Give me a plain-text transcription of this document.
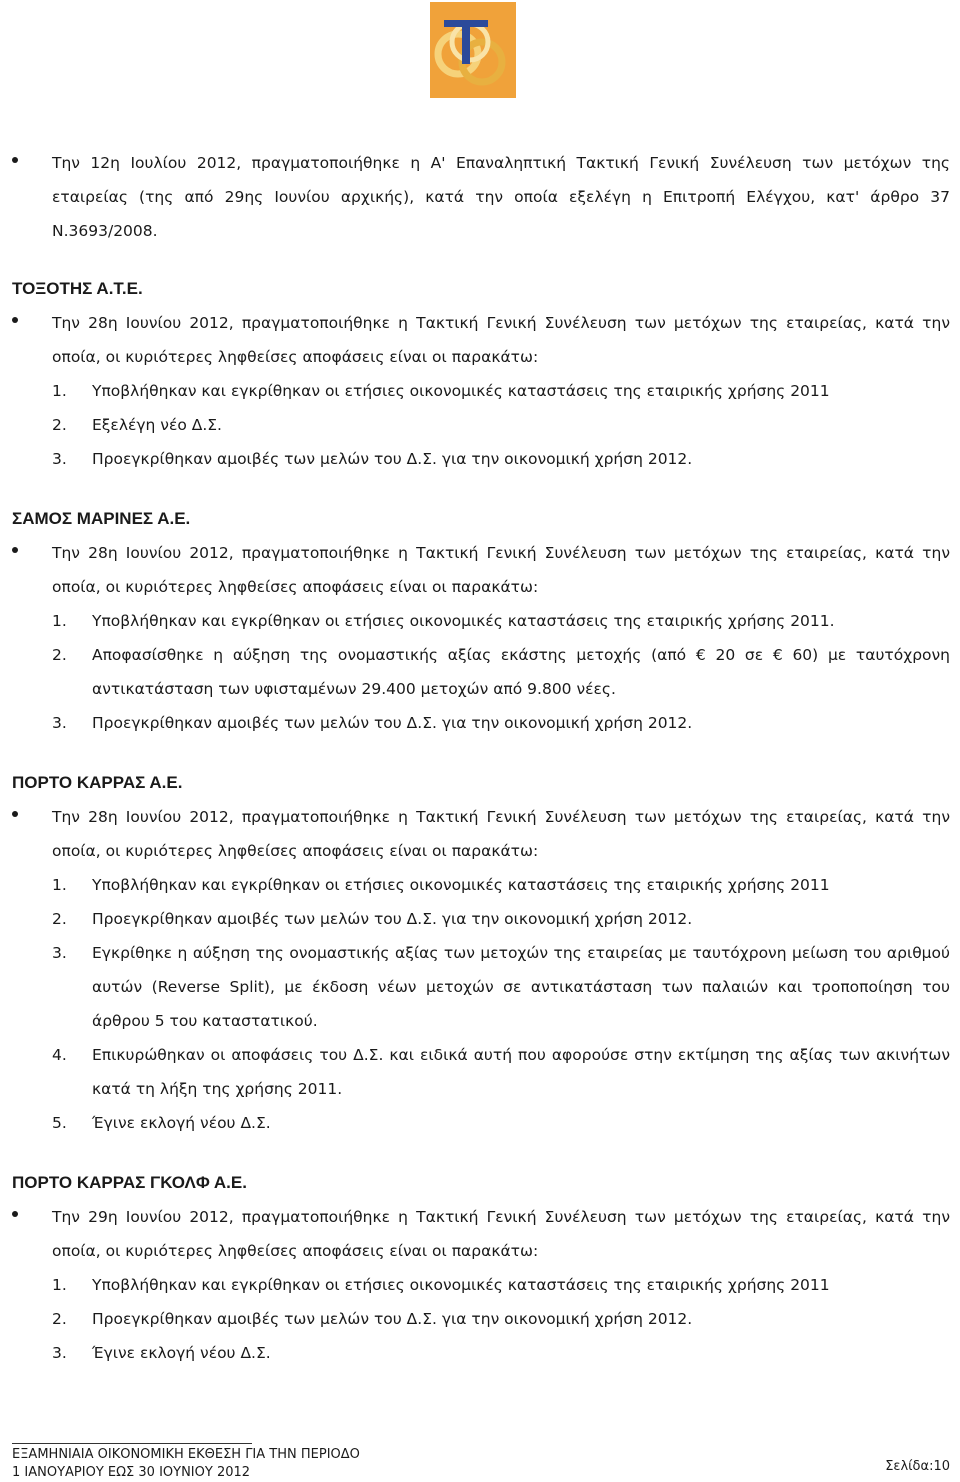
Την 12η Ιουλίου 2012, πραγματοποιήθηκε η Α' Επαναληπτική Τακτική Γενική Συνέλευση των μετόχων της εταιρείας (της από 29ης Ιουνίου αρχικής), κατά την οποία εξελέγη η Επιτροπή Ελέγχου, κατ' άρθρο 37 Ν.3693/2008.

ΤΟΞΟΤΗΣ Α.Τ.Ε.

Την 28η Ιουνίου 2012, πραγματοποιήθηκε η Τακτική Γενική Συνέλευση των μετόχων της εταιρείας, κατά την οποία, οι κυριότερες ληφθείσες αποφάσεις είναι οι παρακάτω:

1. Υποβλήθηκαν και εγκρίθηκαν οι ετήσιες οικονομικές καταστάσεις της εταιρικής χρήσης 2011
2. Εξελέγη νέο Δ.Σ.
3. Προεγκρίθηκαν αμοιβές των μελών του Δ.Σ. για την οικονομική χρήση 2012.

ΣΑΜΟΣ ΜΑΡΙΝΕΣ Α.Ε.

Την 28η Ιουνίου 2012, πραγματοποιήθηκε η Τακτική Γενική Συνέλευση των μετόχων της εταιρείας, κατά την οποία, οι κυριότερες ληφθείσες αποφάσεις είναι οι παρακάτω:

1. Υποβλήθηκαν και εγκρίθηκαν οι ετήσιες οικονομικές καταστάσεις της εταιρικής χρήσης 2011.
2. Αποφασίσθηκε η αύξηση της ονομαστικής αξίας εκάστης μετοχής (από € 20 σε € 60) με ταυτόχρονη αντικατάσταση των υφισταμένων 29.400 μετοχών από 9.800 νέες.
3. Προεγκρίθηκαν αμοιβές των μελών του Δ.Σ. για την οικονομική χρήση 2012.

ΠΟΡΤΟ ΚΑΡΡΑΣ Α.Ε.

Την 28η Ιουνίου 2012, πραγματοποιήθηκε η Τακτική Γενική Συνέλευση των μετόχων της εταιρείας, κατά την οποία, οι κυριότερες ληφθείσες αποφάσεις είναι οι παρακάτω:

1. Υποβλήθηκαν και εγκρίθηκαν οι ετήσιες οικονομικές καταστάσεις της εταιρικής χρήσης 2011
2. Προεγκρίθηκαν αμοιβές των μελών του Δ.Σ. για την οικονομική χρήση 2012.
3. Εγκρίθηκε η αύξηση της ονομαστικής αξίας των μετοχών της εταιρείας με ταυτόχρονη μείωση του αριθμού αυτών (Reverse Split), με έκδοση νέων μετοχών σε αντικατάσταση των παλαιών και τροποποίηση του άρθρου 5 του καταστατικού.
4. Επικυρώθηκαν οι αποφάσεις του Δ.Σ. και ειδικά αυτή που αφορούσε στην εκτίμηση της αξίας των ακινήτων κατά τη λήξη της χρήσης 2011.
5. Έγινε εκλογή νέου Δ.Σ.

ΠΟΡΤΟ ΚΑΡΡΑΣ ΓΚΟΛΦ Α.Ε.

Την 29η Ιουνίου 2012, πραγματοποιήθηκε η Τακτική Γενική Συνέλευση των μετόχων της εταιρείας, κατά την οποία, οι κυριότερες ληφθείσες αποφάσεις είναι οι παρακάτω:

1. Υποβλήθηκαν και εγκρίθηκαν οι ετήσιες οικονομικές καταστάσεις της εταιρικής χρήσης 2011
2. Προεγκρίθηκαν αμοιβές των μελών του Δ.Σ. για την οικονομική χρήση 2012.
3. Έγινε εκλογή νέου Δ.Σ.
ΕΞΑΜΗΝΙΑΙΑ ΟΙΚΟΝΟΜΙΚΗ ΕΚΘΕΣΗ ΓΙΑ ΤΗΝ ΠΕΡΙΟΔΟ
1 ΙΑΝΟΥΑΡΙΟΥ ΕΩΣ 30 ΙΟΥΝΙΟΥ 2012	Σελίδα:10
